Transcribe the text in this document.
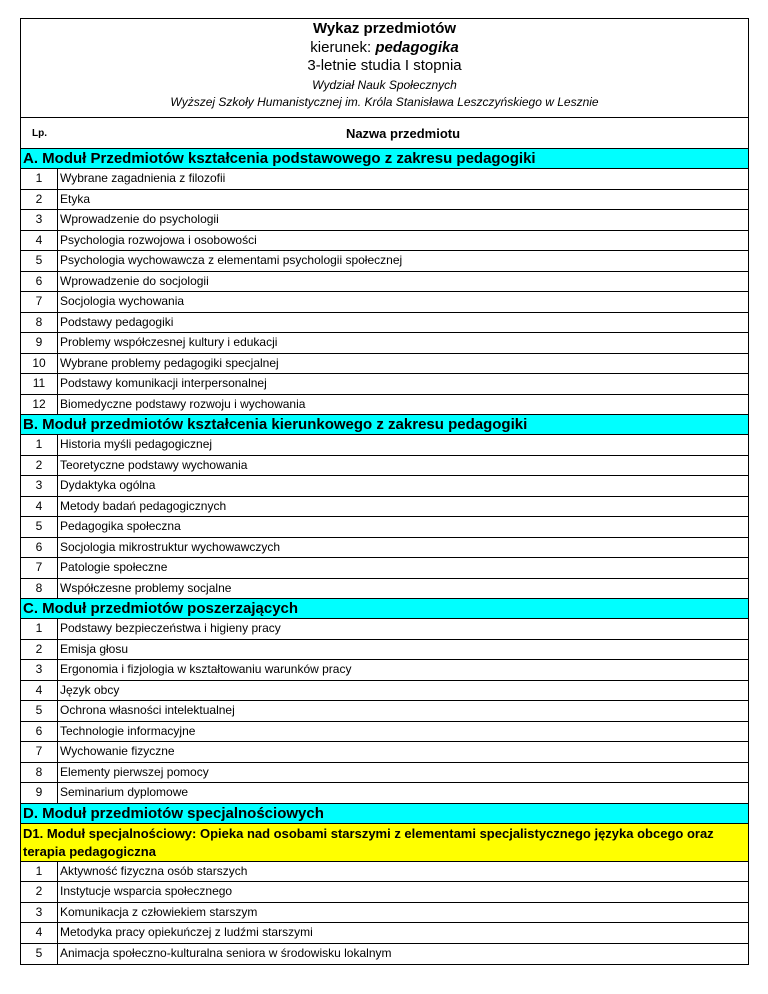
Wykaz przedmiotów
kierunek: pedagogika
3-letnie studia I stopnia
Wydział Nauk Społecznych
Wyższej Szkoły Humanistycznej im. Króla Stanisława Leszczyńskiego w Lesznie
Lp.	Nazwa przedmiotu
A. Moduł Przedmiotów kształcenia podstawowego z zakresu pedagogiki
1	Wybrane zagadnienia z filozofii
2	Etyka
3	Wprowadzenie do psychologii
4	Psychologia rozwojowa i osobowości
5	Psychologia wychowawcza z elementami psychologii społecznej
6	Wprowadzenie do socjologii
7	Socjologia wychowania
8	Podstawy pedagogiki
9	Problemy współczesnej kultury i edukacji
10	Wybrane problemy pedagogiki specjalnej
11	Podstawy komunikacji interpersonalnej
12	Biomedyczne podstawy rozwoju i wychowania
B. Moduł przedmiotów kształcenia kierunkowego z zakresu pedagogiki
1	Historia myśli pedagogicznej
2	Teoretyczne podstawy wychowania
3	Dydaktyka ogólna
4	Metody badań pedagogicznych
5	Pedagogika społeczna
6	Socjologia mikrostruktur wychowawczych
7	Patologie społeczne
8	Współczesne problemy socjalne
C. Moduł przedmiotów poszerzających
1	Podstawy bezpieczeństwa i higieny pracy
2	Emisja głosu
3	Ergonomia i fizjologia w kształtowaniu warunków pracy
4	Język obcy
5	Ochrona własności intelektualnej
6	Technologie informacyjne
7	Wychowanie fizyczne
8	Elementy pierwszej pomocy
9	Seminarium dyplomowe
D. Moduł przedmiotów specjalnościowych
D1. Moduł specjalnościowy: Opieka nad osobami starszymi z elementami specjalistycznego języka obcego oraz terapia pedagogiczna
1	Aktywność fizyczna osób starszych
2	Instytucje wsparcia społecznego
3	Komunikacja z człowiekiem starszym
4	Metodyka pracy opiekuńczej z ludźmi starszymi
5	Animacja społeczno-kulturalna seniora w środowisku lokalnym
